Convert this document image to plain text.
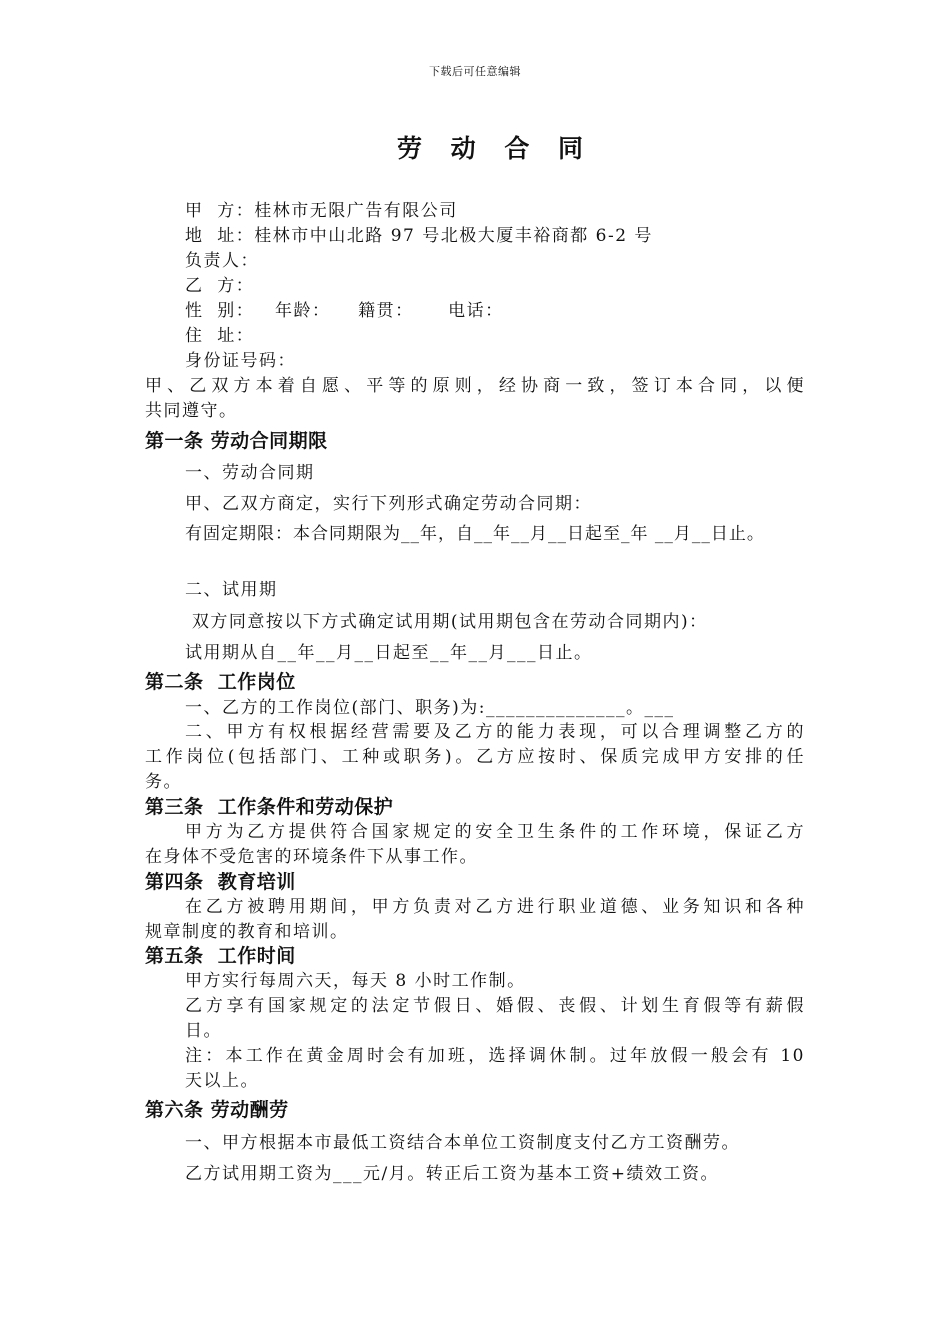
下载后可任意编辑
劳 动 合 同
甲  方：桂林市无限广告有限公司
地  址：桂林市中山北路 97 号北极大厦丰裕商都 6-2 号
负责人：
乙  方：
性  别：   年龄：    籍贯：     电话：
住  址：
身份证号码：
甲、乙双方本着自愿、平等的原则，经协商一致，签订本合同，以便
共同遵守。
第一条 劳动合同期限
一、劳动合同期
甲、乙双方商定，实行下列形式确定劳动合同期：
有固定期限：本合同期限为__年，自__年__月__日起至_年 __月__日止。
二、试用期
双方同意按以下方式确定试用期(试用期包含在劳动合同期内)：
试用期从自__年__月__日起至__年__月___日止。
第二条  工作岗位
一、乙方的工作岗位(部门、职务)为:______________。___
二、甲方有权根据经营需要及乙方的能力表现，可以合理调整乙方的
工作岗位(包括部门、工种或职务)。乙方应按时、保质完成甲方安排的任
务。
第三条  工作条件和劳动保护
甲方为乙方提供符合国家规定的安全卫生条件的工作环境，保证乙方
在身体不受危害的环境条件下从事工作。
第四条  教育培训
在乙方被聘用期间，甲方负责对乙方进行职业道德、业务知识和各种
规章制度的教育和培训。
第五条  工作时间
甲方实行每周六天，每天 8 小时工作制。
乙方享有国家规定的法定节假日、婚假、丧假、计划生育假等有薪假
日。
注：本工作在黄金周时会有加班，选择调休制。过年放假一般会有 10
天以上。
第六条 劳动酬劳
一、甲方根据本市最低工资结合本单位工资制度支付乙方工资酬劳。
乙方试用期工资为___元/月。转正后工资为基本工资+绩效工资。
